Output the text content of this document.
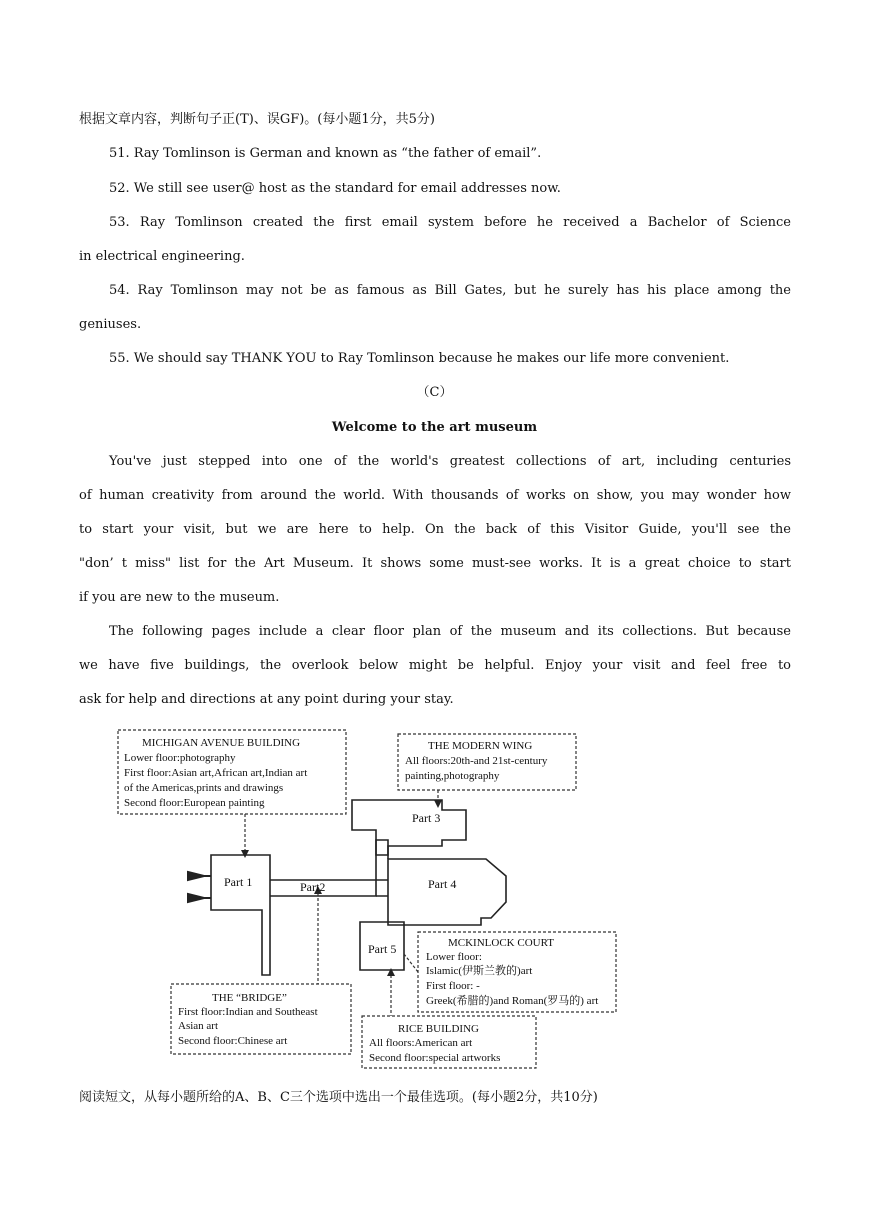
根据文章内容，判断句子正(T)、误GF)。(每小题1分，共5分)
51. Ray Tomlinson is German and known as “the father of email”.
52. We still see user@ host as the standard for email addresses now.
53. Ray Tomlinson created the first email system before he received a Bachelor of Science
in electrical engineering.
54. Ray Tomlinson may not be as famous as Bill Gates, but he surely has his place among the
geniuses.
55. We should say THANK YOU to Ray Tomlinson because he makes our life more convenient.
（C）
Welcome to the art museum
You've just stepped into one of the world's greatest collections of art, including centuries
of human creativity from around the world. With thousands of works on show, you may wonder how
to start your visit, but we are here to help. On the back of this Visitor Guide, you'll see the
"don’ t miss" list for the Art Museum. It shows some must-see works. It is a great choice to start
if you are new to the museum.
The following pages include a clear floor plan of the museum and its collections. But because
we have five buildings, the overlook below might be helpful. Enjoy your visit and feel free to
ask for help and directions at any point during your stay.
Part 1	Part2
Part 3
Part 4
Part 5
MICHIGAN AVENUE BUILDING
Lower floor:photography
First floor:Asian art,African art,Indian art
of the Americas,prints and drawings
Second floor:European painting
THE MODERN WING
All floors:20th-and 21st-century
painting,photography
MCKINLOCK COURT
Lower floor:
Islamic(伊斯兰教的)art
First floor: -
Greek(希腊的)and Roman(罗马的) art
THE “BRIDGE”
First floor:Indian and Southeast
Asian art
Second floor:Chinese art
RICE BUILDING
All floors:American art
Second floor:special artworks
阅读短文，从每小题所给的A、B、C三个选项中选出一个最佳选项。(每小题2分，共10分)
